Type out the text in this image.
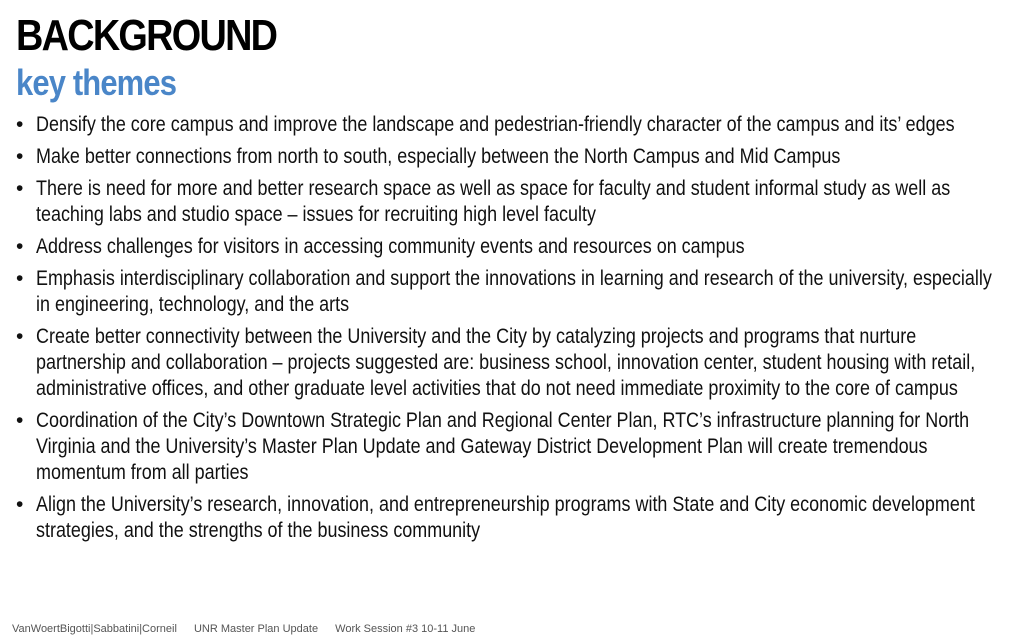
BACKGROUND
key themes
• Densify the core campus and improve the landscape and pedestrian-friendly character of the campus and its’ edges
• Make better connections from north to south, especially between the North Campus and Mid Campus
• There is need for more and better research space as well as space for faculty and student informal study as well as teaching labs and studio space – issues for recruiting high level faculty
• Address challenges for visitors in accessing community events and resources on campus
• Emphasis interdisciplinary collaboration and support the innovations in learning and research of the university, especially in engineering, technology, and the arts
• Create better connectivity between the University and the City by catalyzing projects and programs that nurture partnership and collaboration – projects suggested are: business school, innovation center, student housing with retail, administrative offices, and other graduate level activities that do not need immediate proximity to the core of campus
• Coordination of the City’s Downtown Strategic Plan and Regional Center Plan, RTC’s infrastructure planning for North Virginia and the University’s Master Plan Update and Gateway District Development Plan will create tremendous momentum from all parties
• Align the University’s research, innovation, and entrepreneurship programs with State and City economic development strategies, and the strengths of the business community
VanWoertBigotti|Sabbatini|Corneil UNR Master Plan Update Work Session #3 10-11 June
